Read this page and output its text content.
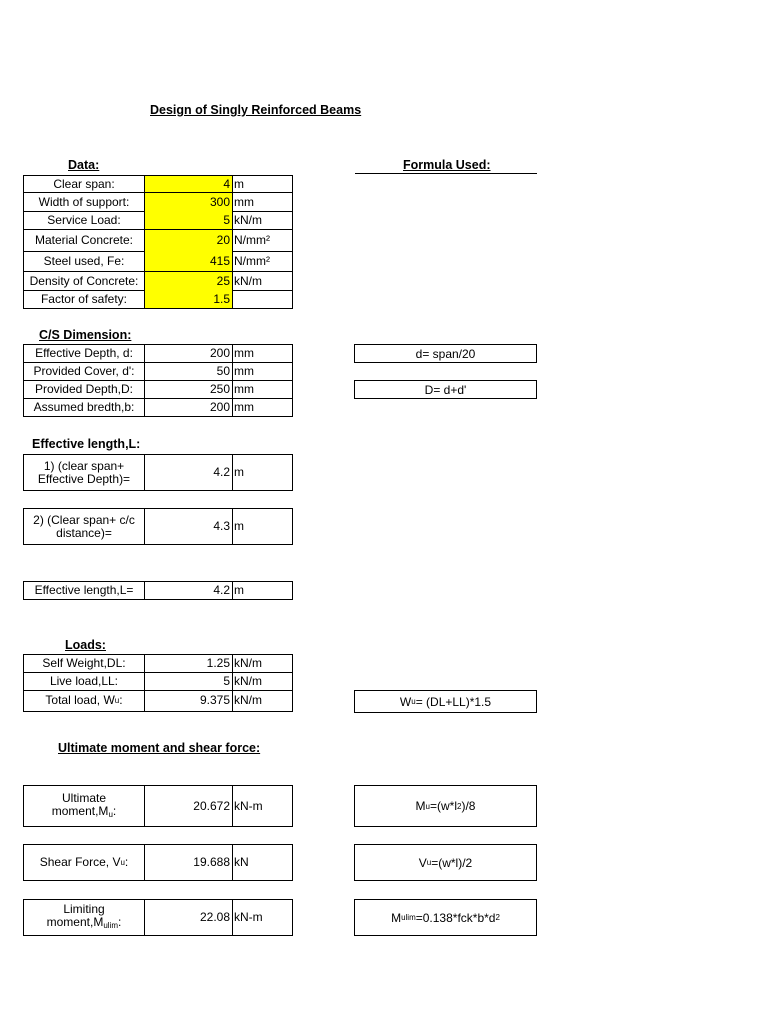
Design of Singly Reinforced Beams
Data:	Formula Used:
Clear span:	4 m
Width of support:	300 mm
Service Load:	5 kN/m
Material Concrete:	20 N/mm²
Steel used, Fe:	415 N/mm²
Density of Concrete:	25 kN/m
Factor of safety:	1.5
C/S Dimension:
Effective Depth, d:	200 mm
Provided Cover, d':	50 mm
Provided Depth,D:	250 mm
Assumed bredth,b:	200 mm
d= span/20
D= d+d'
Effective length,L:
1) (clear span+
Effective Depth)=	4.2 m
2) (Clear span+ c/c
distance)=	4.3 m
Effective length,L=	4.2 m
Loads:
Self Weight,DL:	1.25 kN/m
Live load,LL:	5 kN/m
Total load, W u :	9.375 kN/m	W u = (DL+LL)*1.5
Ultimate moment and shear force:
Ultimate
$moment,M_u$:	20.672 kN-m	M u =(w*l 2 )/8
Shear Force, V u :	19.688 kN	V u =(w*l)/2
Limiting
$moment,M_{ulim}$:	22.08 kN-m	M ulim =0.138*fck*b*d 2
